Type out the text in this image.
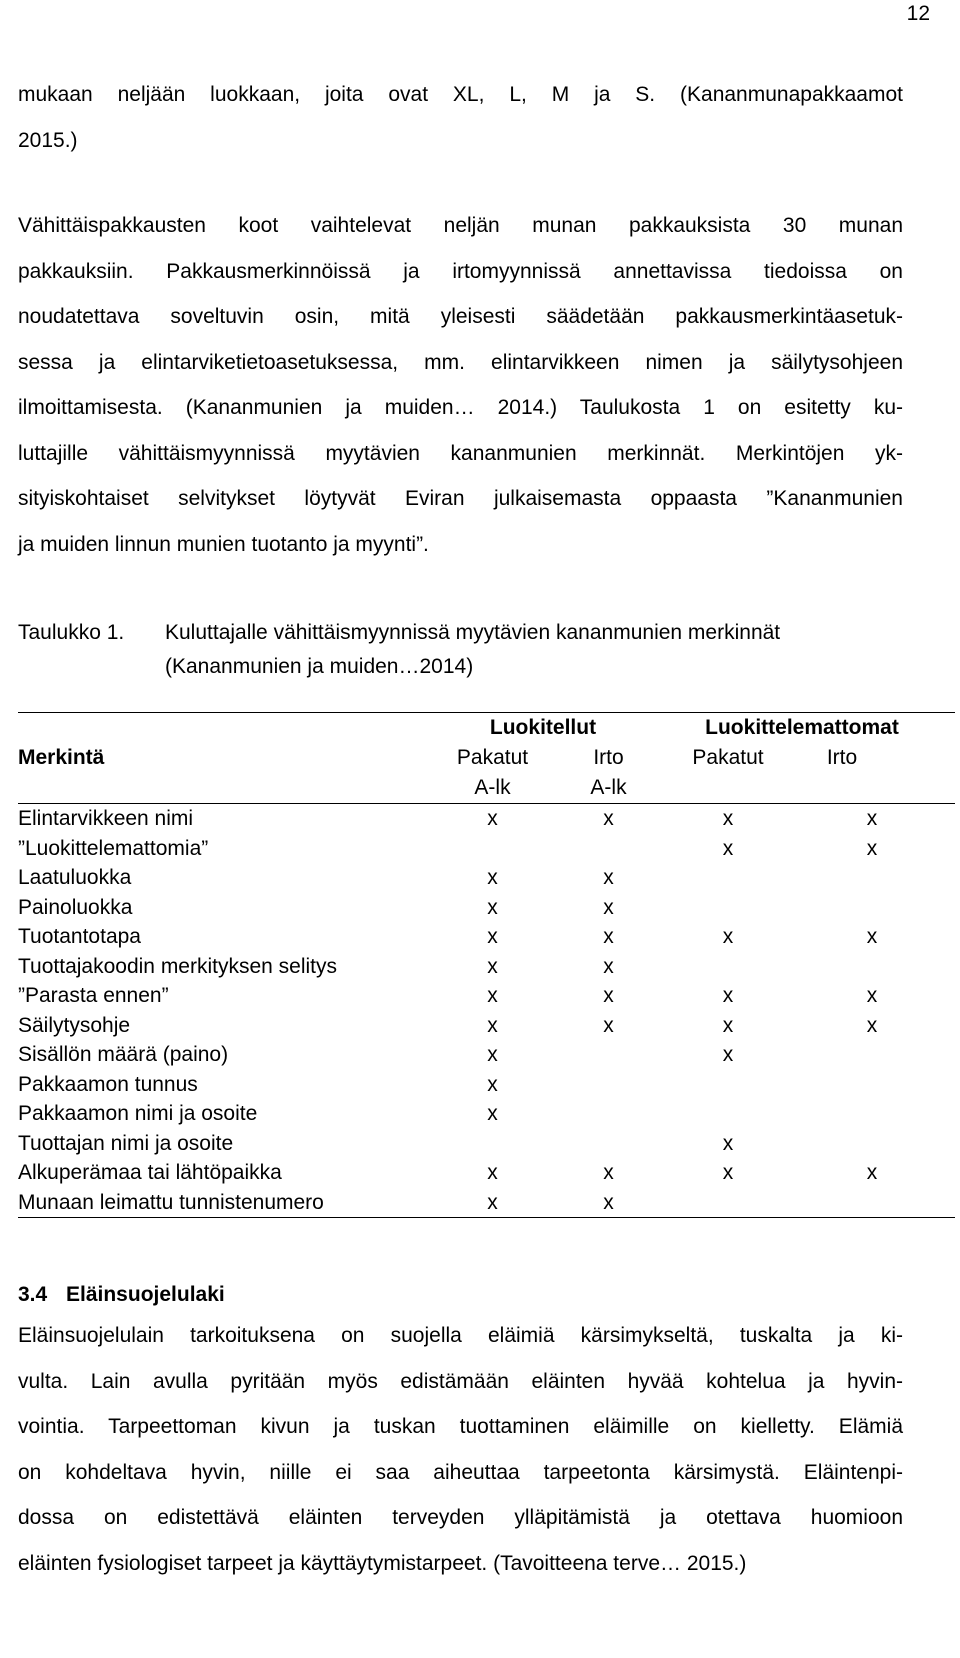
12
mukaan neljään luokkaan, joita ovat XL, L, M ja S. (Kananmunapakkaamot
2015.)
Vähittäispakkausten koot vaihtelevat neljän munan pakkauksista 30 munan
pakkauksiin. Pakkausmerkinnöissä ja irtomyynnissä annettavissa tiedoissa on
noudatettava soveltuvin osin, mitä yleisesti säädetään pakkausmerkintäasetuk-
sessa ja elintarviketietoasetuksessa, mm. elintarvikkeen nimen ja säilytysohjeen
ilmoittamisesta. (Kananmunien ja muiden… 2014.) Taulukosta 1 on esitetty ku-
luttajille vähittäismyynnissä myytävien kananmunien merkinnät. Merkintöjen yk-
sityiskohtaiset selvitykset löytyvät Eviran julkaisemasta oppaasta ”Kananmunien
ja muiden linnun munien tuotanto ja myynti”.
Taulukko 1. Kuluttajalle vähittäismyynnissä myytävien kananmunien merkinnät
(Kananmunien ja muiden…2014)
	Luokitellut		Luokittelemattomat	
Merkintä	Pakatut	Irto	Pakatut	Irto
	A-lk	A-lk		
Elintarvikkeen nimi	x	x	x	x
”Luokittelemattomia”			x	x
Laatuluokka	x	x		
Painoluokka	x	x		
Tuotantotapa	x	x	x	x
Tuottajakoodin merkityksen selitys	x	x		
”Parasta ennen”	x	x	x	x
Säilytysohje	x	x	x	x
Sisällön määrä (paino)	x		x	
Pakkaamon tunnus	x			
Pakkaamon nimi ja osoite	x			
Tuottajan nimi ja osoite			x	
Alkuperämaa tai lähtöpaikka	x	x	x	x
Munaan leimattu tunnistenumero	x	x		
3.4 Eläinsuojelulaki
Eläinsuojelulain tarkoituksena on suojella eläimiä kärsimykseltä, tuskalta ja ki-
vulta. Lain avulla pyritään myös edistämään eläinten hyvää kohtelua ja hyvin-
vointia. Tarpeettoman kivun ja tuskan tuottaminen eläimille on kielletty. Elämiä
on kohdeltava hyvin, niille ei saa aiheuttaa tarpeetonta kärsimystä. Eläintenpi-
dossa on edistettävä eläinten terveyden ylläpitämistä ja otettava huomioon
eläinten fysiologiset tarpeet ja käyttäytymistarpeet. (Tavoitteena terve… 2015.)
